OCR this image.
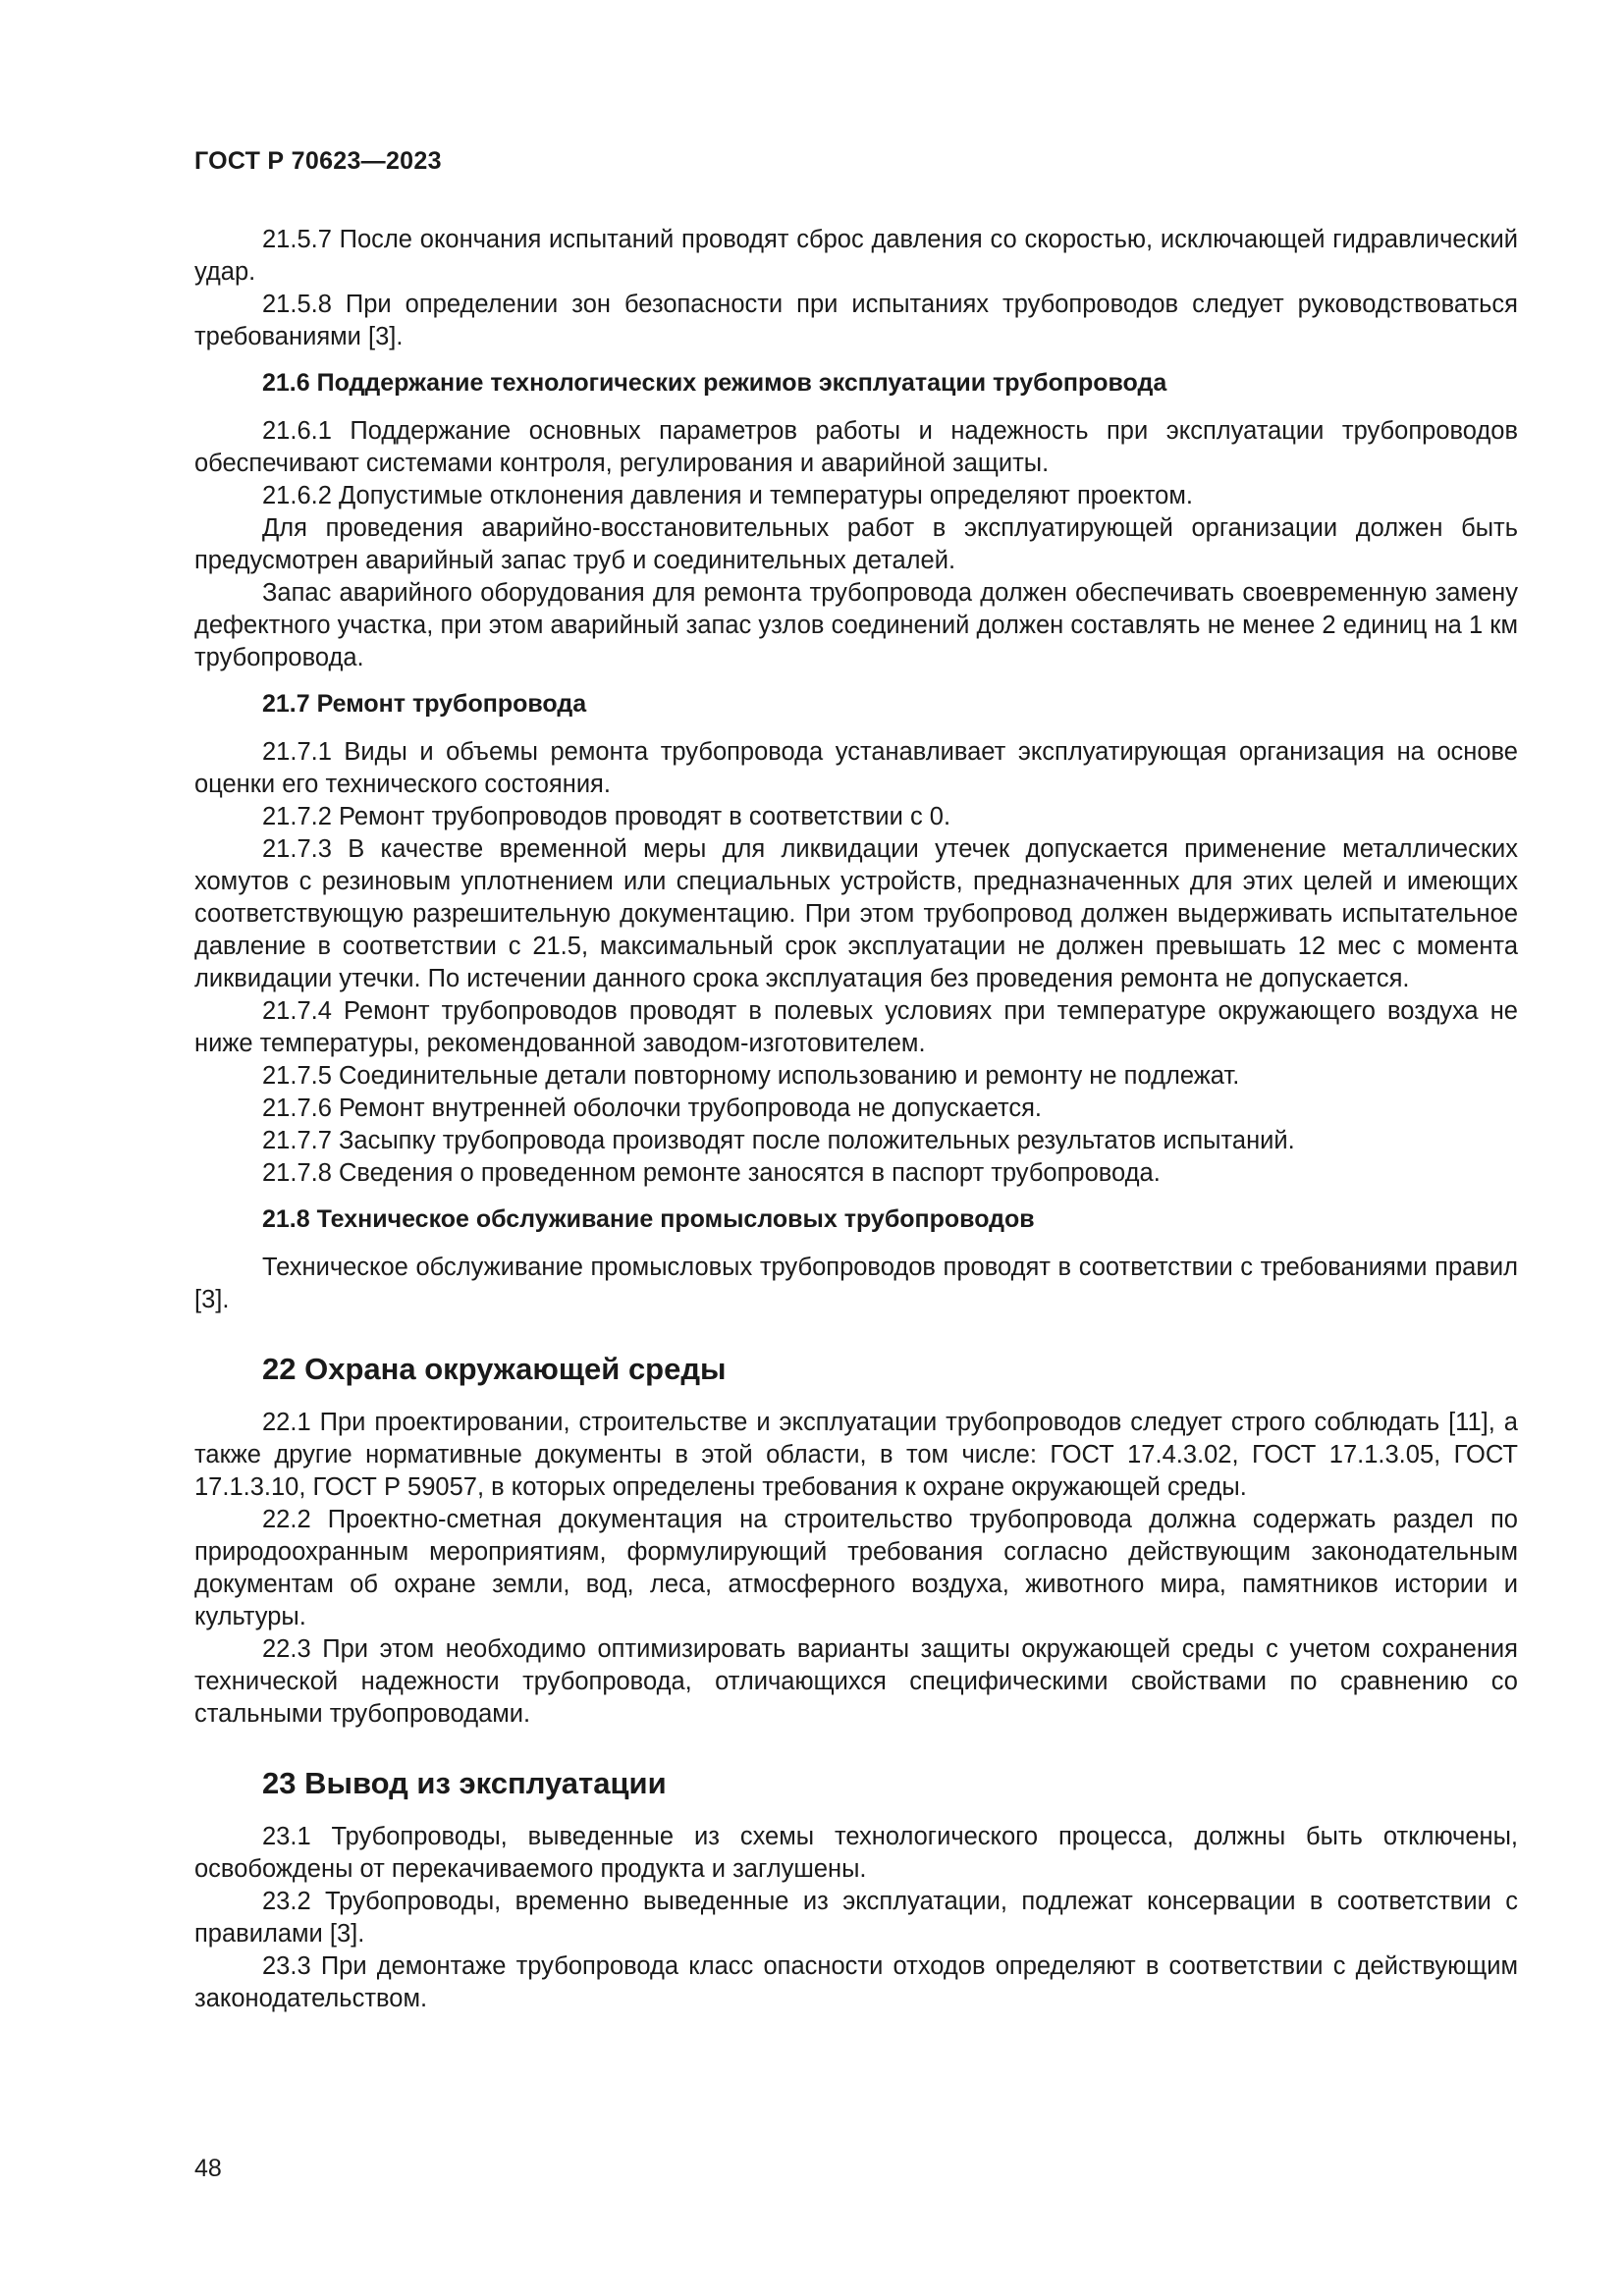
ГОСТ Р 70623—2023

21.5.7 После окончания испытаний проводят сброс давления со скоростью, исключающей гидравлический удар.

21.5.8 При определении зон безопасности при испытаниях трубопроводов следует руководствоваться требованиями [3].

21.6 Поддержание технологических режимов эксплуатации трубопровода

21.6.1 Поддержание основных параметров работы и надежность при эксплуатации трубопроводов обеспечивают системами контроля, регулирования и аварийной защиты.

21.6.2 Допустимые отклонения давления и температуры определяют проектом.

Для проведения аварийно-восстановительных работ в эксплуатирующей организации должен быть предусмотрен аварийный запас труб и соединительных деталей.

Запас аварийного оборудования для ремонта трубопровода должен обеспечивать своевременную замену дефектного участка, при этом аварийный запас узлов соединений должен составлять не менее 2 единиц на 1 км трубопровода.

21.7 Ремонт трубопровода

21.7.1 Виды и объемы ремонта трубопровода устанавливает эксплуатирующая организация на основе оценки его технического состояния.

21.7.2 Ремонт трубопроводов проводят в соответствии с 0.

21.7.3 В качестве временной меры для ликвидации утечек допускается применение металлических хомутов с резиновым уплотнением или специальных устройств, предназначенных для этих целей и имеющих соответствующую разрешительную документацию. При этом трубопровод должен выдерживать испытательное давление в соответствии с 21.5, максимальный срок эксплуатации не должен превышать 12 мес с момента ликвидации утечки. По истечении данного срока эксплуатация без проведения ремонта не допускается.

21.7.4 Ремонт трубопроводов проводят в полевых условиях при температуре окружающего воздуха не ниже температуры, рекомендованной заводом-изготовителем.

21.7.5 Соединительные детали повторному использованию и ремонту не подлежат.

21.7.6 Ремонт внутренней оболочки трубопровода не допускается.

21.7.7 Засыпку трубопровода производят после положительных результатов испытаний.

21.7.8 Сведения о проведенном ремонте заносятся в паспорт трубопровода.

21.8 Техническое обслуживание промысловых трубопроводов

Техническое обслуживание промысловых трубопроводов проводят в соответствии с требованиями правил [3].

22 Охрана окружающей среды

22.1 При проектировании, строительстве и эксплуатации трубопроводов следует строго соблюдать [11], а также другие нормативные документы в этой области, в том числе: ГОСТ 17.4.3.02, ГОСТ 17.1.3.05, ГОСТ 17.1.3.10, ГОСТ Р 59057, в которых определены требования к охране окружающей среды.

22.2 Проектно-сметная документация на строительство трубопровода должна содержать раздел по природоохранным мероприятиям, формулирующий требования согласно действующим законодательным документам об охране земли, вод, леса, атмосферного воздуха, животного мира, памятников истории и культуры.

22.3 При этом необходимо оптимизировать варианты защиты окружающей среды с учетом сохранения технической надежности трубопровода, отличающихся специфическими свойствами по сравнению со стальными трубопроводами.

23 Вывод из эксплуатации

23.1 Трубопроводы, выведенные из схемы технологического процесса, должны быть отключены, освобождены от перекачиваемого продукта и заглушены.

23.2 Трубопроводы, временно выведенные из эксплуатации, подлежат консервации в соответствии с правилами [3].

23.3 При демонтаже трубопровода класс опасности отходов определяют в соответствии с действующим законодательством.

48
